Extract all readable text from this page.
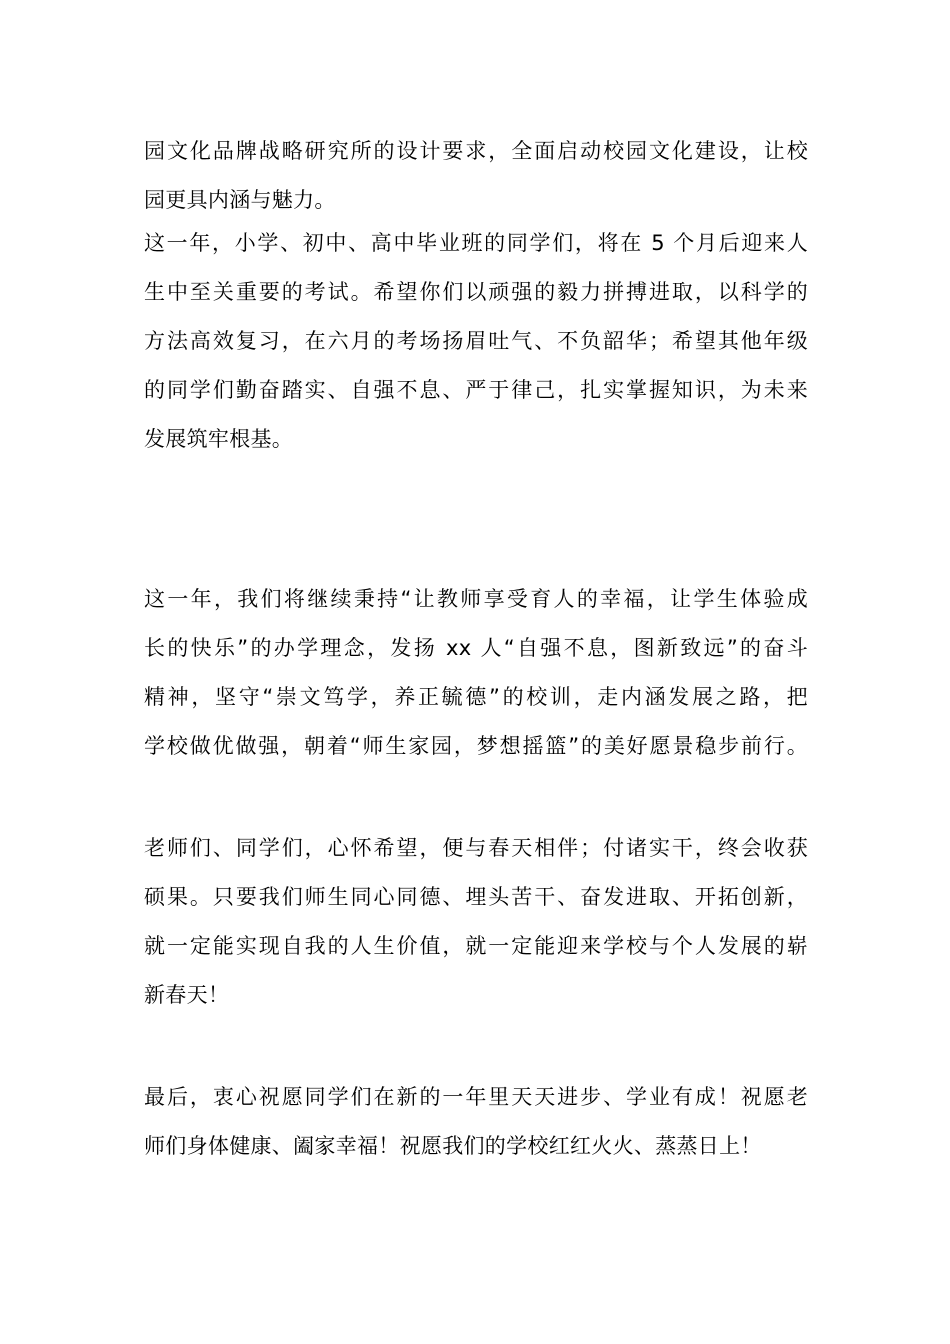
园文化品牌战略研究所的设计要求，全面启动校园文化建设，让校
园更具内涵与魅力。
这一年，小学、初中、高中毕业班的同学们，将在 5 个月后迎来人
生中至关重要的考试。希望你们以顽强的毅力拼搏进取，以科学的
方法高效复习，在六月的考场扬眉吐气、不负韶华；希望其他年级
的同学们勤奋踏实、自强不息、严于律己，扎实掌握知识，为未来
发展筑牢根基。
这一年，我们将继续秉持“让教师享受育人的幸福，让学生体验成
长的快乐”的办学理念，发扬 xx 人“自强不息，图新致远”的奋斗
精神，坚守“崇文笃学，养正毓德”的校训，走内涵发展之路，把
学校做优做强，朝着“师生家园，梦想摇篮”的美好愿景稳步前行。
老师们、同学们，心怀希望，便与春天相伴；付诸实干，终会收获
硕果。只要我们师生同心同德、埋头苦干、奋发进取、开拓创新，
就一定能实现自我的人生价值，就一定能迎来学校与个人发展的崭
新春天！
最后，衷心祝愿同学们在新的一年里天天进步、学业有成！祝愿老
师们身体健康、阖家幸福！祝愿我们的学校红红火火、蒸蒸日上！
